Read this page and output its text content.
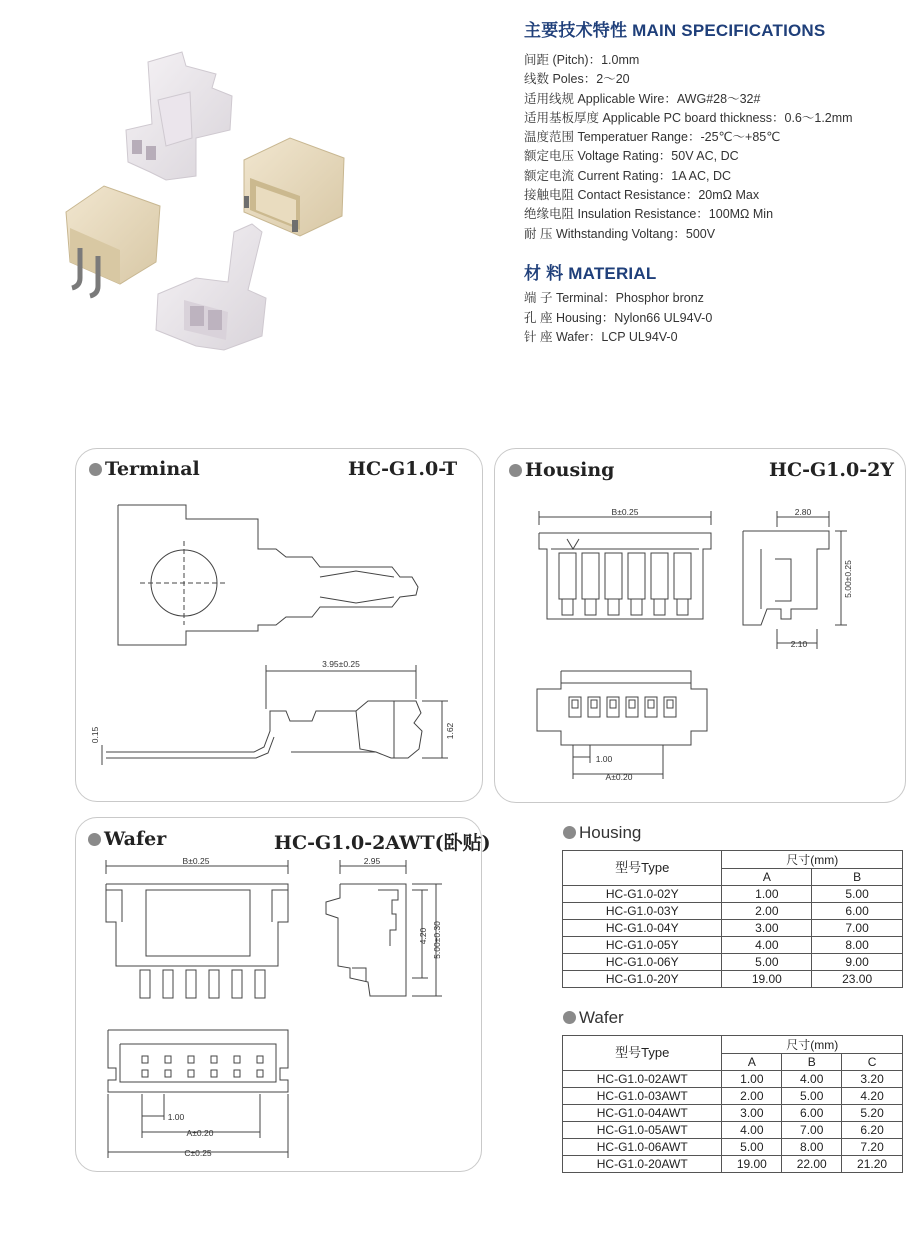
主要技术特性 MAIN SPECIFICATIONS
间距 (Pitch)：1.0mm
线数 Poles：2～20
适用线规 Applicable Wire：AWG#28～32#
适用基板厚度 Applicable PC board thickness：0.6～1.2mm
温度范围 Temperatuer Range：-25℃～+85℃
额定电压 Voltage Rating：50V AC, DC
额定电流 Current Rating：1A AC, DC
接触电阻 Contact Resistance：20mΩ Max
绝缘电阻 Insulation Resistance：100MΩ Min
耐 压 Withstanding Voltang：500V
材 料 MATERIAL
端 子 Terminal：Phosphor bronz
孔 座 Housing：Nylon66 UL94V-0
针 座 Wafer：LCP UL94V-0
Terminal	HC-G1.0-T
3.95±0.25
1.62
0.15
Housing	HC-G1.0-2Y
B±0.25	2.80
5.00±0.25
2.10
1.00
A±0.20
Wafer	HC-G1.0-2AWT(卧贴)
B±0.25	2.95
4.20 5.00±0.30
1.00
A±0.20
C±0.25
Housing
型号Type	尺寸(mm)	
	A	B
HC-G1.0-02Y	1.00	5.00
HC-G1.0-03Y	2.00	6.00
HC-G1.0-04Y	3.00	7.00
HC-G1.0-05Y	4.00	8.00
HC-G1.0-06Y	5.00	9.00
HC-G1.0-20Y	19.00	23.00
Wafer
型号Type	尺寸(mm)		
	A	B	C
HC-G1.0-02AWT	1.00	4.00	3.20
HC-G1.0-03AWT	2.00	5.00	4.20
HC-G1.0-04AWT	3.00	6.00	5.20
HC-G1.0-05AWT	4.00	7.00	6.20
HC-G1.0-06AWT	5.00	8.00	7.20
HC-G1.0-20AWT	19.00	22.00	21.20
